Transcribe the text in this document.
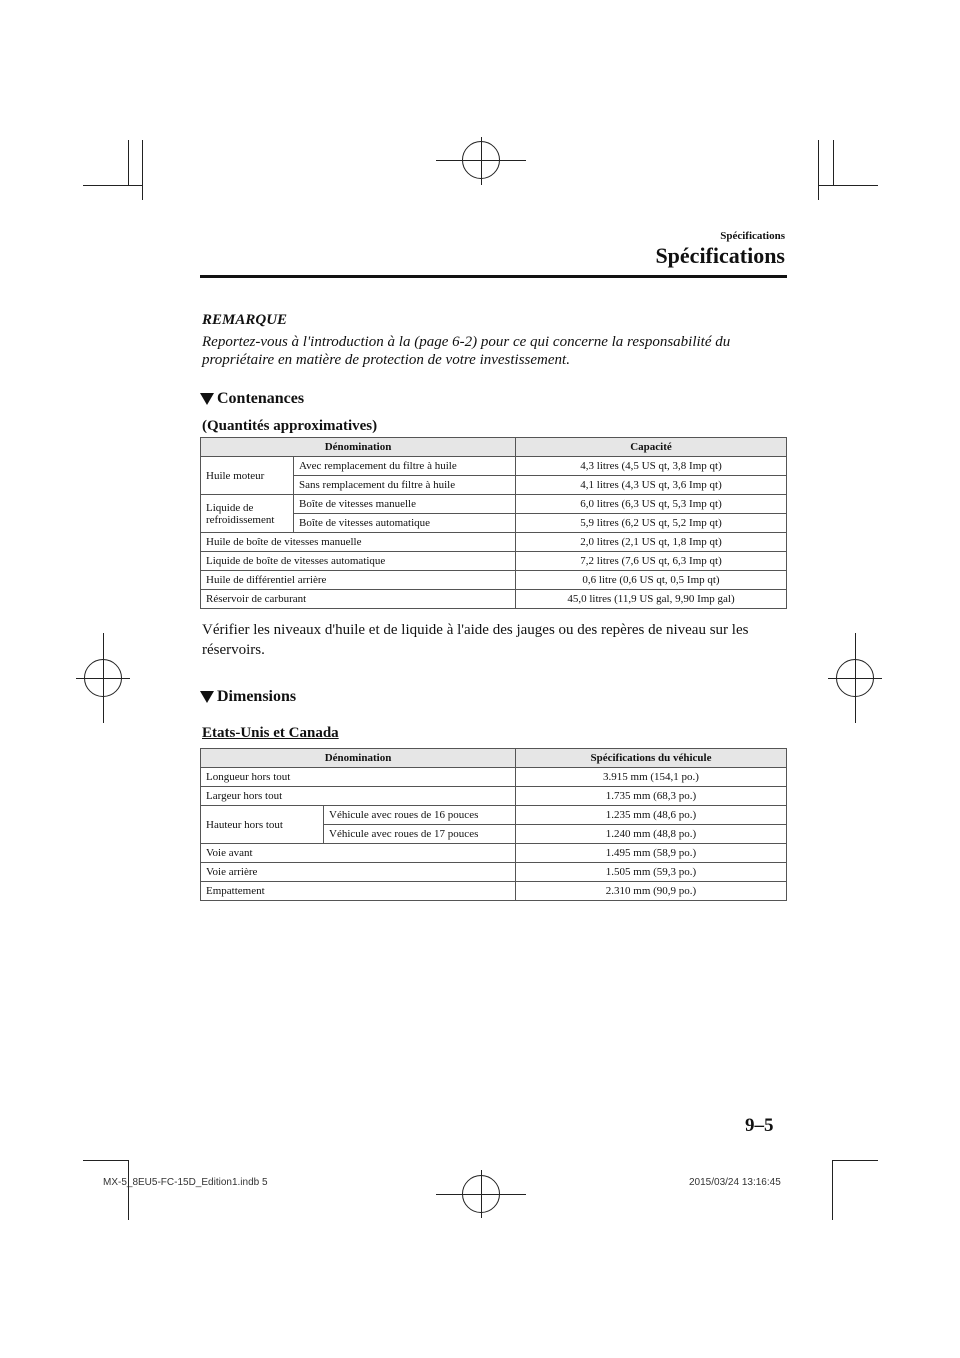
Spécifications
Spécifications
REMARQUE
Reportez-vous à l'introduction à la (page 6-2) pour ce qui concerne la responsabilité du propriétaire en matière de protection de votre investissement.
Contenances
(Quantités approximatives)
Dénomination		Capacité
Huile moteur	Avec remplacement du filtre à huile	4,3 litres (4,5 US qt, 3,8 Imp qt)
	Sans remplacement du filtre à huile	4,1 litres (4,3 US qt, 3,6 Imp qt)
Liquide de refroidissement	Boîte de vitesses manuelle	6,0 litres (6,3 US qt, 5,3 Imp qt)
	Boîte de vitesses automatique	5,9 litres (6,2 US qt, 5,2 Imp qt)
Huile de boîte de vitesses manuelle		2,0 litres (2,1 US qt, 1,8 Imp qt)
Liquide de boîte de vitesses automatique		7,2 litres (7,6 US qt, 6,3 Imp qt)
Huile de différentiel arrière		0,6 litre (0,6 US qt, 0,5 Imp qt)
Réservoir de carburant		45,0 litres (11,9 US gal, 9,90 Imp gal)
Vérifier les niveaux d'huile et de liquide à l'aide des jauges ou des repères de niveau sur les réservoirs.
Dimensions
Etats-Unis et Canada
Dénomination		Spécifications du véhicule
Longueur hors tout		3.915 mm (154,1 po.)
Largeur hors tout		1.735 mm (68,3 po.)
Hauteur hors tout	Véhicule avec roues de 16 pouces	1.235 mm (48,6 po.)
	Véhicule avec roues de 17 pouces	1.240 mm (48,8 po.)
Voie avant		1.495 mm (58,9 po.)
Voie arrière		1.505 mm (59,3 po.)
Empattement		2.310 mm (90,9 po.)
9–5
MX-5_8EU5-FC-15D_Edition1.indb 5	2015/03/24 13:16:45
